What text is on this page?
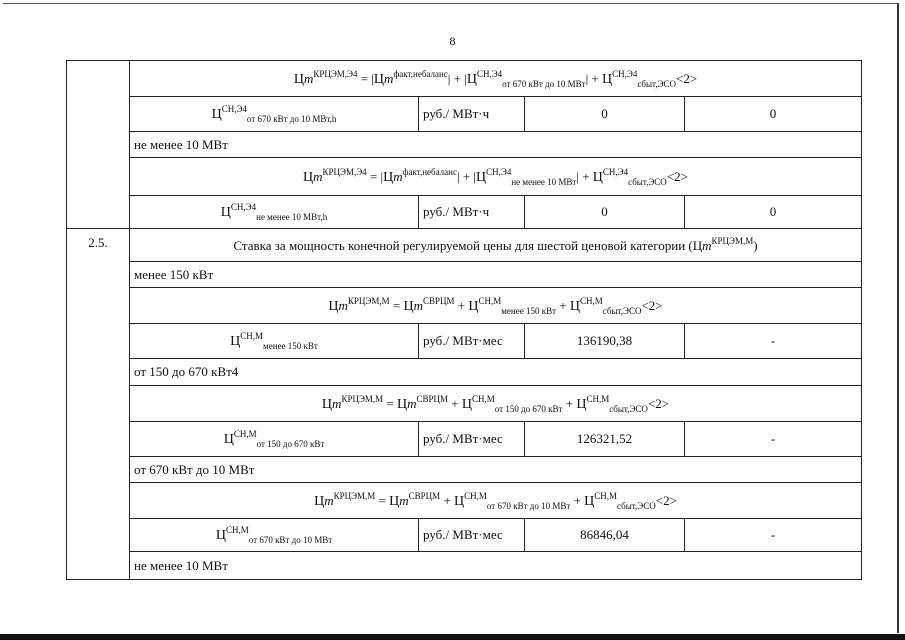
8
	$Цm^{КРЦЭМ,Э4} = |Цm^{факт,небаланс}| + |Ц^{СН,Э4}_{от 670 кВт до 10 МВт}| + Ц^{СН,Э4}_{сбыт,ЭСО}<2>$			
	$Ц^{СН,Э4}_{от 670 кВт до 10 МВт,h}$	руб./ МВт·ч	0	0
	не менее 10 МВт			
	$Цm^{КРЦЭМ,Э4} = |Цm^{факт,небаланс}| + |Ц^{СН,Э4}_{не менее 10 МВт}| + Ц^{СН,Э4}_{сбыт,ЭСО}<2>$			
	$Ц^{СН,Э4}_{не менее 10 МВт,h}$	руб./ МВт·ч	0	0
2.5.	Ставка за мощность конечной регулируемой цены для шестой ценовой категории $(Цm^{КРЦЭМ,М})$			
	менее 150 кВт			
	$Цm^{КРЦЭМ,М} = Цm^{СВРЦМ} + Ц^{СН,М}_{менее 150 кВт} + Ц^{СН,М}_{сбыт,ЭСО}<2>$			
	$Ц^{СН,М}_{менее 150 кВт}$	руб./ МВт·мес	136190,38	-
	от 150 до 670 кВт4			
	$Цm^{КРЦЭМ,М} = Цm^{СВРЦМ} + Ц^{СН,М}_{от 150 до 670 кВт} + Ц^{СН,М}_{сбыт,ЭСО}<2>$			
	$Ц^{СН,М}_{от 150 до 670 кВт}$	руб./ МВт·мес	126321,52	-
	от 670 кВт до 10 МВт			
	$Цm^{КРЦЭМ,М} = Цm^{СВРЦМ} + Ц^{СН,М}_{от 670 кВт до 10 МВт} + Ц^{СН,М}_{сбыт,ЭСО}<2>$			
	$Ц^{СН,М}_{от 670 кВт до 10 МВт}$	руб./ МВт·мес	86846,04	-
	не менее 10 МВт			
